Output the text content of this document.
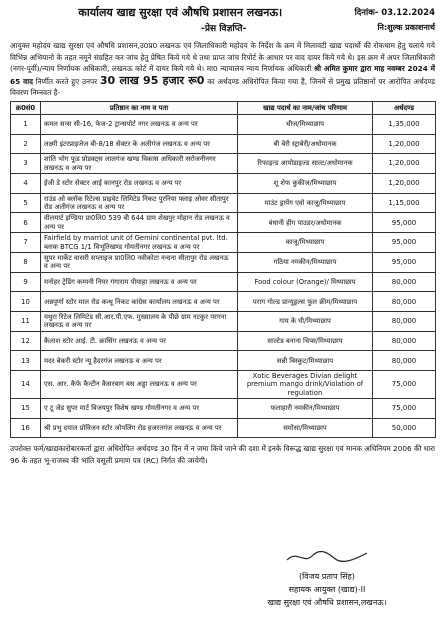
कार्यालय खाद्य सुरक्षा एवं औषधि प्रशासन लखनऊ।	दिनांक- 03.12.2024
-प्रेस विज्ञप्ति-	नि:शुल्क प्रकाशनार्थ
आयुक्त महोदय खाद्य सुरक्षा एवं औषधि प्रशासन,उ0प्र0 लखनऊ एवं जिलाधिकारी महोदय के निर्देश के क्रम में मिलावटी खाद्य पदार्थो की रोकथाम हेतु चलाये गये विभिन्न अभियानो के तहत नमूने संग्रहित कर जांच हेतु प्रेषित किये गये थे तथा प्राप्त जांच रिपोर्ट के आधार पर वाद दायर किये गये थे। इस क्रम में अपर जिलाधिकारी (नगर-पूर्वी)/न्याय निर्णायक अधिकारी, लखनऊ कोर्ट में दायर किये गये थे। मा0 न्यायालय न्याय निर्णायक अधिकारी श्री अमित कुमार द्वारा माह नवम्बर 2024 में 65 वाद निर्णीत करते हुए उनपर 30 लाख 95 हजार रू0 का अर्थदण्ड अधिरोपित किया गया है, जिनमें से प्रमुख प्रतिष्ठानों पर आरोपित अर्थदण्ड विवरण निम्नवत है-
क्र0सं0	प्रतिष्ठान का नाम व पता	खाद्य पदार्थ का नाम/जांच परिणाम	अर्थदण्ड
1	कमल सन्स सी-16, फेज-2 ट्रान्सपोर्ट नगर लखनऊ व अन्य पर	चीज/मिथ्याछाप	1,35,000
2	लक्ष्मी इंटरप्राइजेज बी-8/18 सेक्टर के अलीगंज लखनऊ व अन्य पर	बी बेरी स्ट्राबेरी/अधोमानक	1,20,000
3	शांति भोग फूड प्रोडक्ट्स लालगंज खण्ड विकास अधिकारी सरोजनीनगर लखनऊ व अन्य पर	रिफाइन्ड आयोडाइज्ड साल्ट/अधोमानक	1,20,000
4	ईजी डे स्टोर सेक्टर आई कानपुर रोड लखनऊ व अन्य पर	शू शेफ कुकीज/मिथ्याछाप	1,20,000
5	राउंड ओ क्लॉक रिटेल्स प्राइवेट लिमिटेड निकट पुरनिया फ्लाइ ओवर सीतापुर रोड अलीगंज लखनऊ व अन्य पर	माउंट ड्रायेंग एवो काजू/मिथ्याछाप	1,15,000
6	वीलमार्ट इण्डिया प्रा0लि0 539 बी 644 ग्राम शेखपुर मोहान रोड लखनऊ व अन्य पर	बंधानी हींग पाउडर/अधोमानक	95,000
7	Fairfield by marriot unit of Gemini continental pvt. ltd. ब्लाक BTCG 1/1 विभूतिखण्ड गोमतीनगर लखनऊ व अन्य पर	काजू/मिथ्याछाप	95,000
8	सुपर मार्केट वासरी सप्लाइज प्रा0लि0 नवीकोटा नन्दना सीतापुर रोड लखनऊ व अन्य पर	गठिया नमकीन/मिथ्याछाप	95,000
9	मनोहर ट्रेडिंग कम्पनी नियर गंगाराम पीयाहा लखनऊ व अन्य पर	Food colour (Orange)/ मिथ्याछाप	80,000
10	अन्नपूर्णा स्टोर माल रोड कन्थू निकट कांग्रेस कार्यालय लखनऊ व अन्य पर	पराग गोल्ड प्रान्यूड्रल्स फुल क्रीम/मिथ्याछाप	80,000
11	यथुरा रिटेल लिमिटेड सी.आर.पी.एफ. मुख्यालय के पीछे ग्राम नटकुर परगना लखनऊ व अन्य पर	गाय के घी/मिथ्याछाप	80,000
12	कैलाश स्टोर आई. टी. क्रासिंग लखनऊ व अन्य पर	साल्टेड बनाना चिप्स/मिथ्याछाप	80,000
13	मदर बेकरी स्टोर न्यू हैदरगंज लखनऊ व अन्य पर	सन्नी बिस्कुट/मिथ्याछाप	80,000
14	एस. आर. कैफे कैन्टीन कैसरबाग बस अड्डा लखनऊ व अन्य पर	Xotic Beverages Divian delight premium mango drink/Violation of regulation	75,000
15	ए टू जेड सुपर मार्ट विजयपुर विशेष खण्ड गोमतीनगर व अन्य पर	फलाहारी नमकीन/मिथ्याछाप	75,000
16	श्री प्रभु दयाल प्रोविजन स्टोर जोपलिंग रोड हजरतगंज लखनऊ व अन्य पर	समोसा/मिथ्याछाप	50,000
उपरोक्त फर्म/खाद्यकारोबारकर्ता द्वारा अधिरोपित अर्थदण्ड 30 दिन में न जमा किये जाने की दशा में इनके विरूद्ध खाद्य सुरक्षा एवं मानक अधिनियम 2006 की धारा 96 के तहत भू-राजस्व की भांति वसूली प्रमाण पत्र (RC) निर्गत की जायेगी।
(विजय प्रताप सिंह)
सहायक आयुक्त (खाद्य)-II
खाद्य सुरक्षा एवं औषधि प्रशासन,लखनऊ।
